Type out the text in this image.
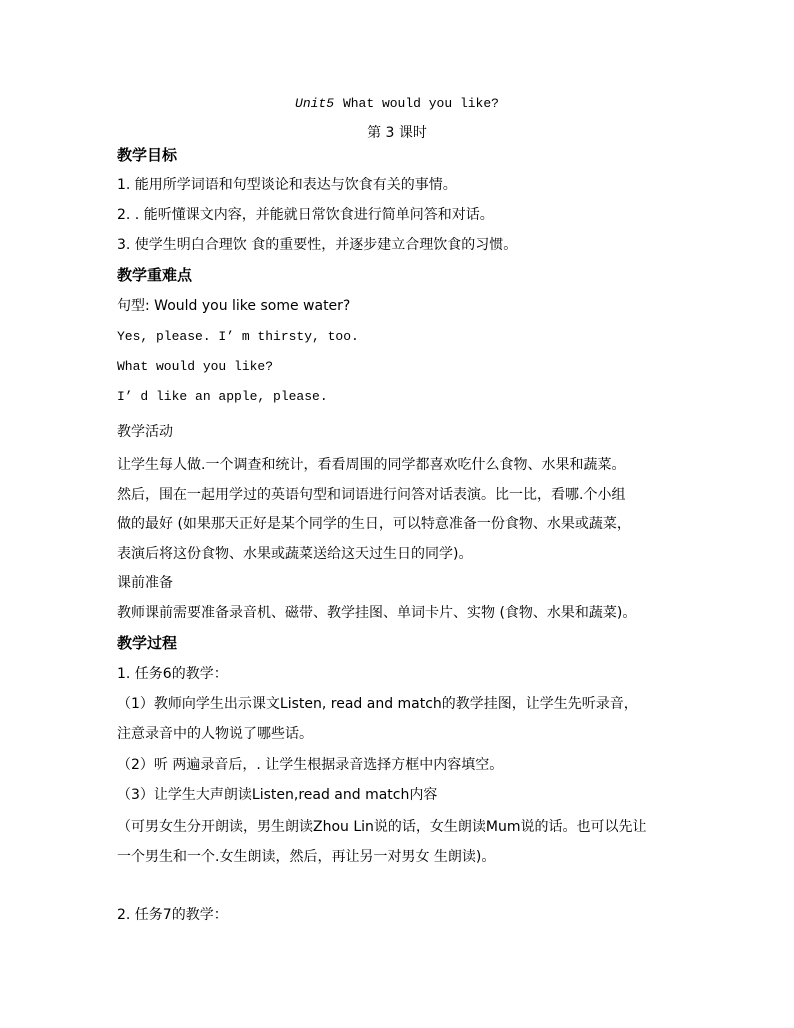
Unit5 What would you like?
第 3 课时
教学目标
1. 能用所学词语和句型谈论和表达与饮食有关的事情。
2. . 能听懂课文内容，并能就日常饮食进行简单问答和对话。
3. 使学生明白合理饮 食的重要性，并逐步建立合理饮食的习惯。
教学重难点
句型: Would you like some water?
Yes, please. I’ m thirsty, too.
What would you like?
I’ d like an apple, please.
教学活动
让学生每人做.一个调查和统计，看看周围的同学都喜欢吃什么食物、水果和蔬菜。
然后，围在一起用学过的英语句型和词语进行问答对话表演。比一比，看哪.个小组
做的最好 (如果那天正好是某个同学的生日，可以特意准备一份食物、水果或蔬菜，
表演后将这份食物、水果或蔬菜送给这天过生日的同学)。
课前准备
教师课前需要准备录音机、磁带、教学挂图、单词卡片、实物 (食物、水果和蔬菜)。
教学过程
1. 任务6的教学：
（1）教师向学生出示课文Listen, read and match的教学挂图，让学生先听录音，
注意录音中的人物说了哪些话。
（2）听 两遍录音后，. 让学生根据录音选择方框中内容填空。
（3）让学生大声朗读Listen,read and match内容
（可男女生分开朗读，男生朗读Zhou Lin说的话，女生朗读Mum说的话。也可以先让
一个男生和一个.女生朗读，然后，再让另一对男女 生朗读)。
2. 任务7的教学：
